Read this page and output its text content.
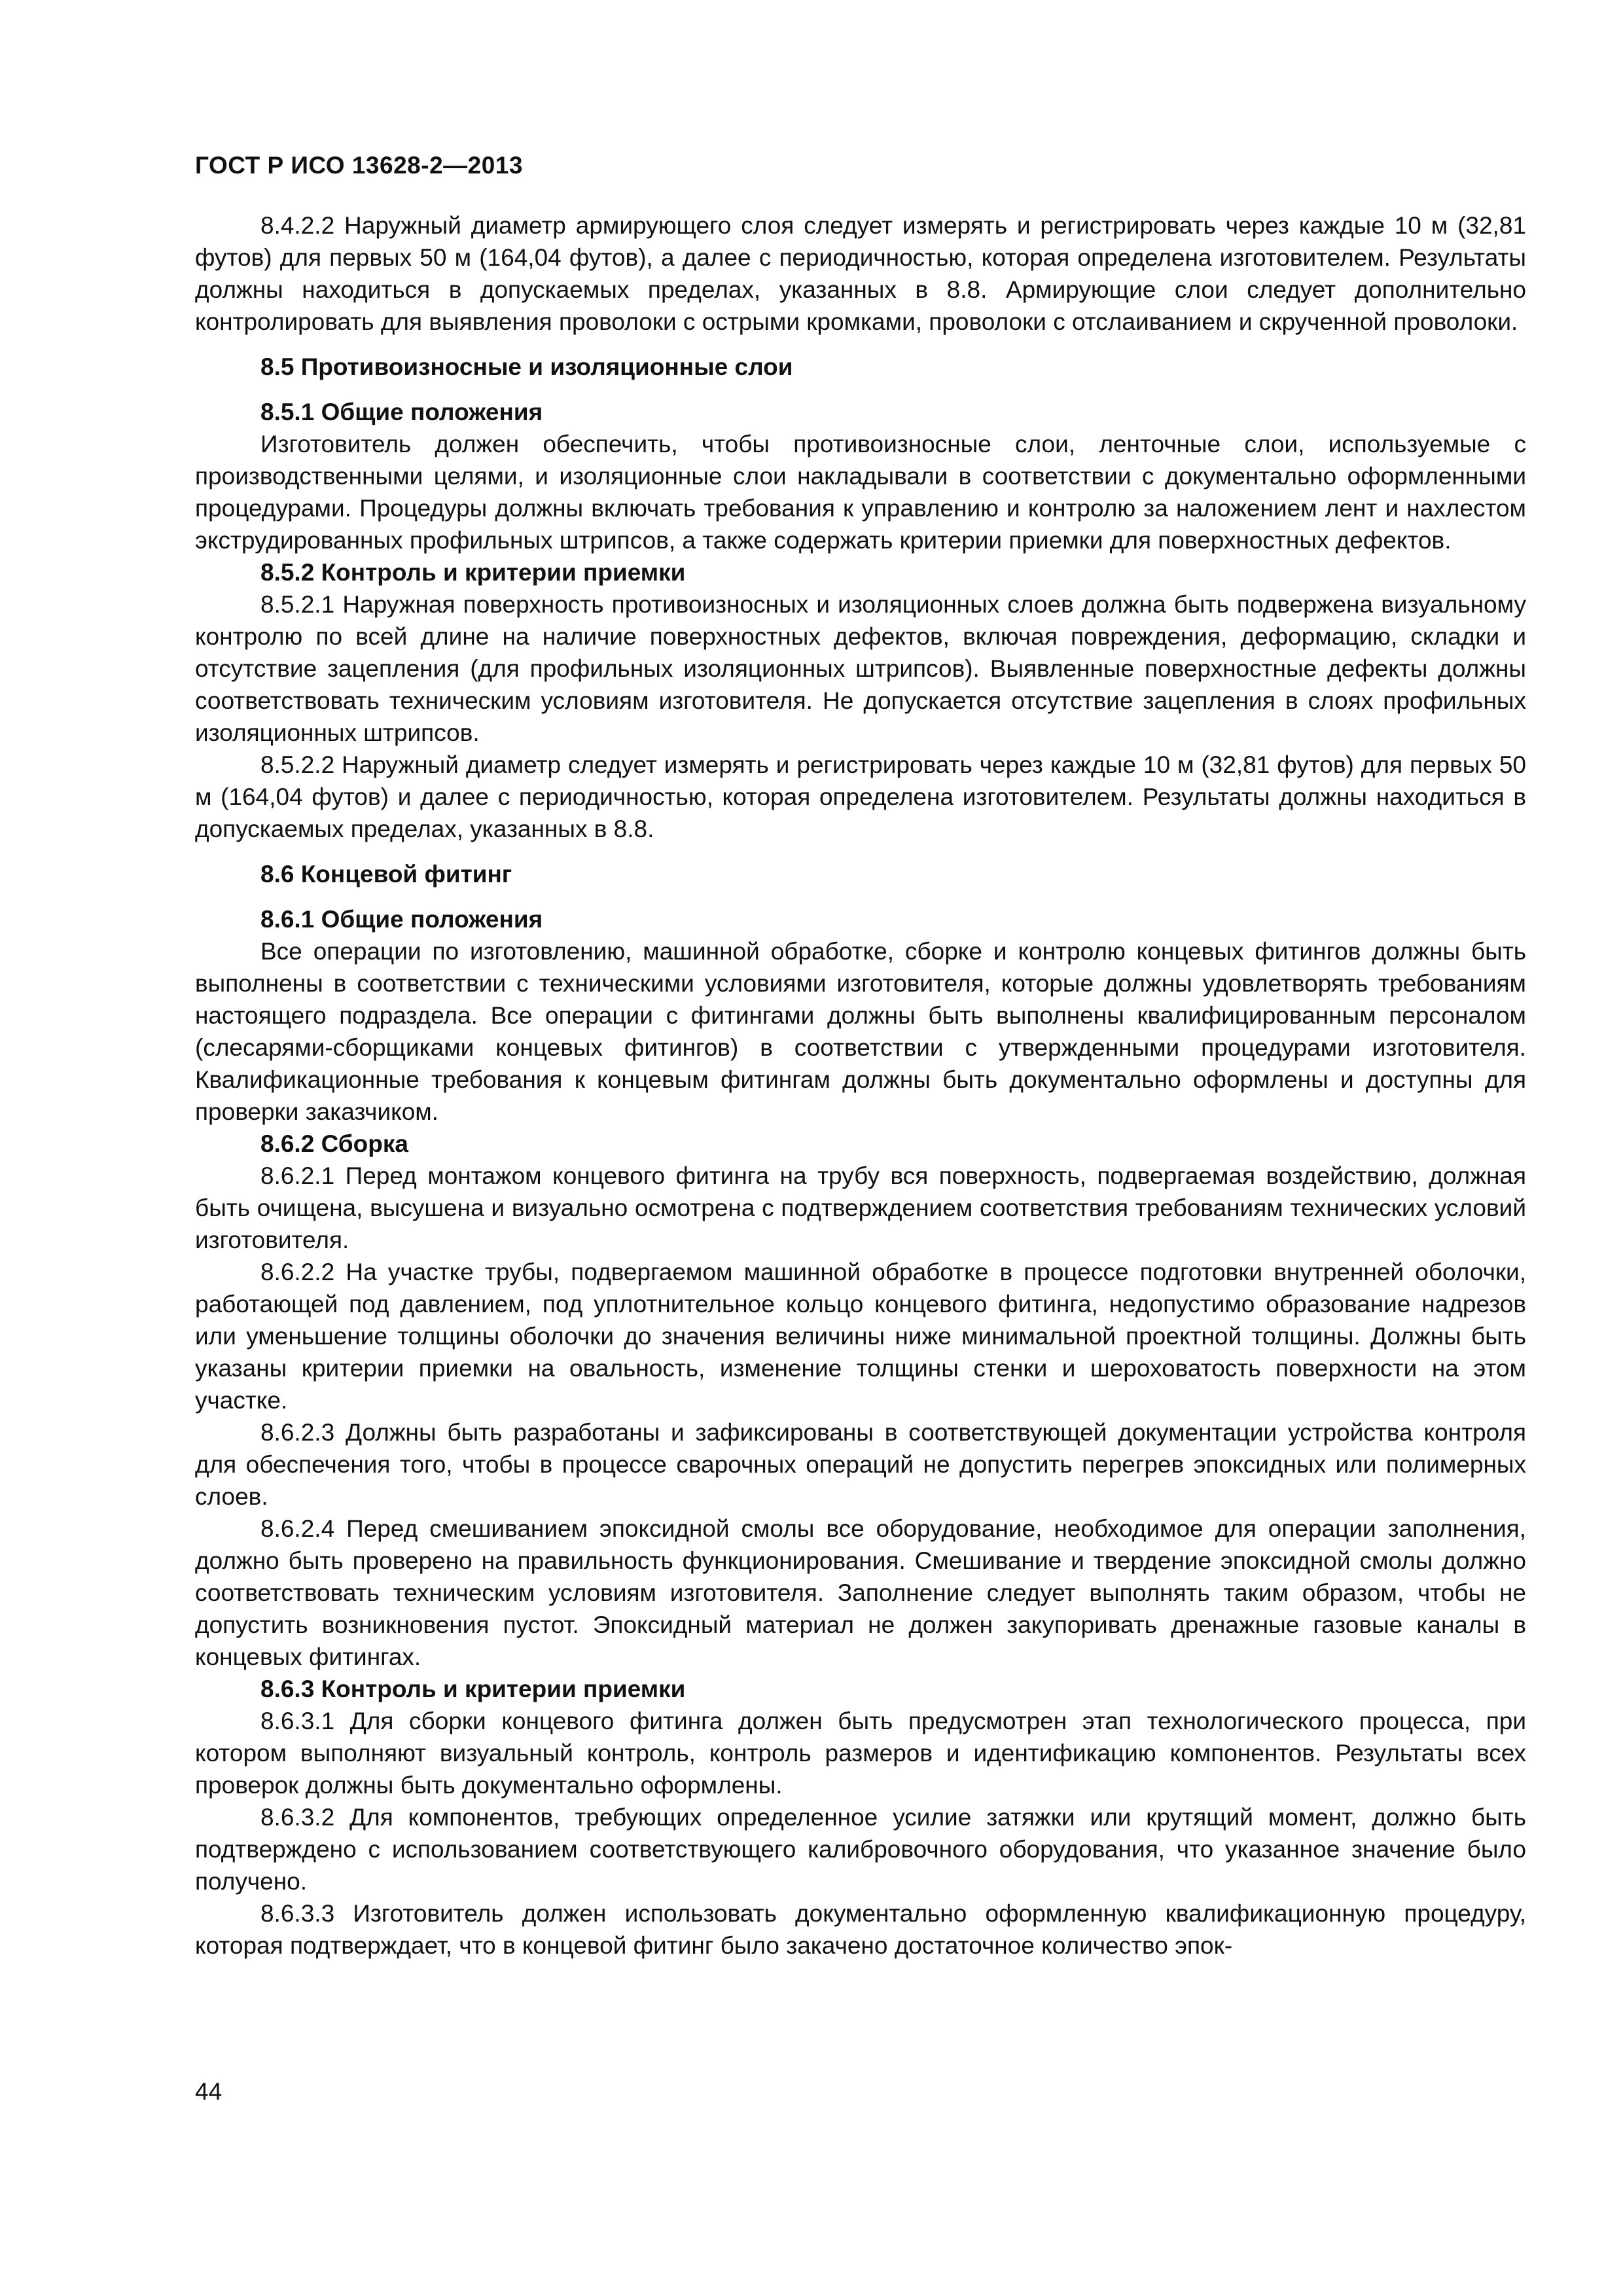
ГОСТ Р ИСО 13628-2—2013

8.4.2.2 Наружный диаметр армирующего слоя следует измерять и регистрировать через каждые 10 м (32,81 футов) для первых 50 м (164,04 футов), а далее с периодичностью, которая определена изготовителем. Результаты должны находиться в допускаемых пределах, указанных в 8.8. Армирующие слои следует дополнительно контролировать для выявления проволоки с острыми кромками, проволоки с отслаиванием и скрученной проволоки.

8.5 Противоизносные и изоляционные слои
8.5.1 Общие положения

Изготовитель должен обеспечить, чтобы противоизносные слои, ленточные слои, используемые с производственными целями, и изоляционные слои накладывали в соответствии с документально оформленными процедурами. Процедуры должны включать требования к управлению и контролю за наложением лент и нахлестом экструдированных профильных штрипсов, а также содержать критерии приемки для поверхностных дефектов.

8.5.2 Контроль и критерии приемки

8.5.2.1 Наружная поверхность противоизносных и изоляционных слоев должна быть подвержена визуальному контролю по всей длине на наличие поверхностных дефектов, включая повреждения, деформацию, складки и отсутствие зацепления (для профильных изоляционных штрипсов). Выявленные поверхностные дефекты должны соответствовать техническим условиям изготовителя. Не допускается отсутствие зацепления в слоях профильных изоляционных штрипсов.

8.5.2.2 Наружный диаметр следует измерять и регистрировать через каждые 10 м (32,81 футов) для первых 50 м (164,04 футов) и далее с периодичностью, которая определена изготовителем. Результаты должны находиться в допускаемых пределах, указанных в 8.8.

8.6 Концевой фитинг
8.6.1 Общие положения

Все операции по изготовлению, машинной обработке, сборке и контролю концевых фитингов должны быть выполнены в соответствии с техническими условиями изготовителя, которые должны удовлетворять требованиям настоящего подраздела. Все операции с фитингами должны быть выполнены квалифицированным персоналом (слесарями-сборщиками концевых фитингов) в соответствии с утвержденными процедурами изготовителя. Квалификационные требования к концевым фитингам должны быть документально оформлены и доступны для проверки заказчиком.

8.6.2 Сборка

8.6.2.1 Перед монтажом концевого фитинга на трубу вся поверхность, подвергаемая воздействию, должная быть очищена, высушена и визуально осмотрена с подтверждением соответствия требованиям технических условий изготовителя.

8.6.2.2 На участке трубы, подвергаемом машинной обработке в процессе подготовки внутренней оболочки, работающей под давлением, под уплотнительное кольцо концевого фитинга, недопустимо образование надрезов или уменьшение толщины оболочки до значения величины ниже минимальной проектной толщины. Должны быть указаны критерии приемки на овальность, изменение толщины стенки и шероховатость поверхности на этом участке.

8.6.2.3 Должны быть разработаны и зафиксированы в соответствующей документации устройства контроля для обеспечения того, чтобы в процессе сварочных операций не допустить перегрев эпоксидных или полимерных слоев.

8.6.2.4 Перед смешиванием эпоксидной смолы все оборудование, необходимое для операции заполнения, должно быть проверено на правильность функционирования. Смешивание и твердение эпоксидной смолы должно соответствовать техническим условиям изготовителя. Заполнение следует выполнять таким образом, чтобы не допустить возникновения пустот. Эпоксидный материал не должен закупоривать дренажные газовые каналы в концевых фитингах.

8.6.3 Контроль и критерии приемки

8.6.3.1 Для сборки концевого фитинга должен быть предусмотрен этап технологического процесса, при котором выполняют визуальный контроль, контроль размеров и идентификацию компонентов. Результаты всех проверок должны быть документально оформлены.

8.6.3.2 Для компонентов, требующих определенное усилие затяжки или крутящий момент, должно быть подтверждено с использованием соответствующего калибровочного оборудования, что указанное значение было получено.

8.6.3.3 Изготовитель должен использовать документально оформленную квалификационную процедуру, которая подтверждает, что в концевой фитинг было закачено достаточное количество эпок-

44
